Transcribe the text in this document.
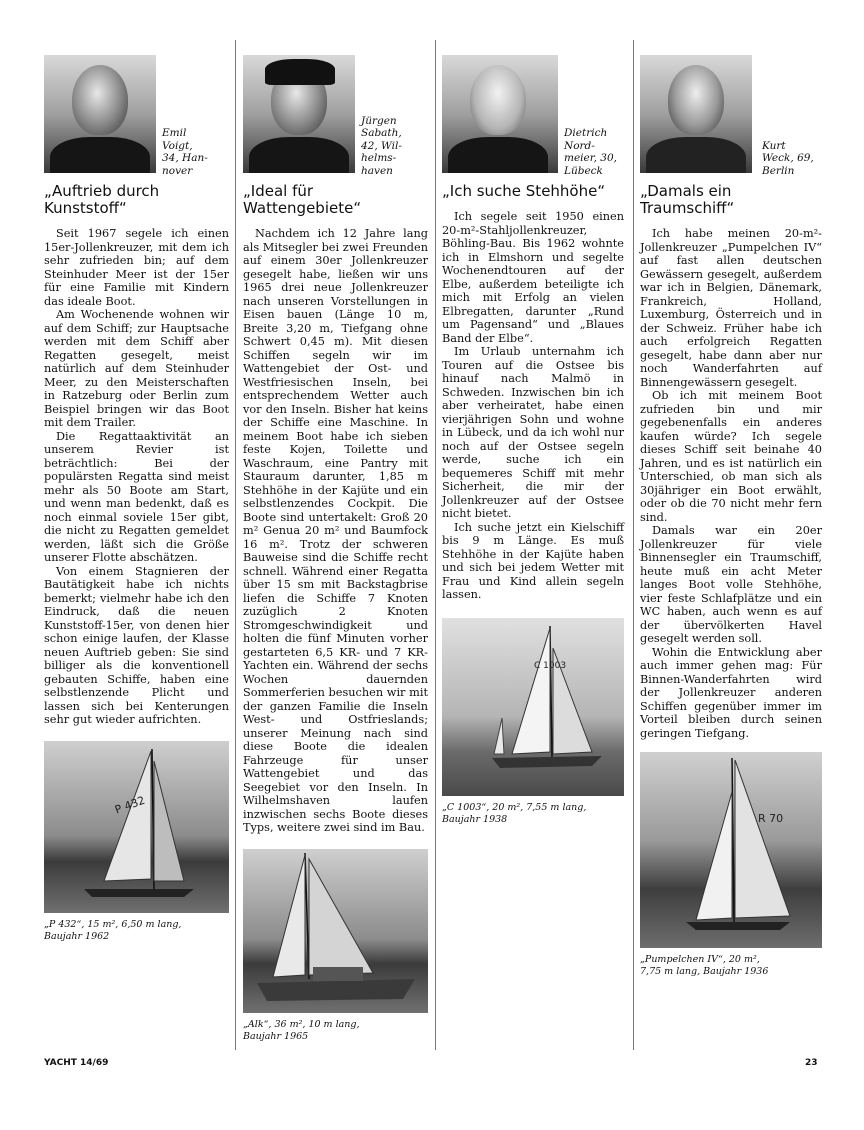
Emil
Voigt,
34, Han-
nover
„Auftrieb durch Kunststoff“

Seit 1967 segele ich einen 15er-Jollenkreuzer, mit dem ich sehr zufrieden bin; auf dem Steinhuder Meer ist der 15er für eine Familie mit Kindern das ideale Boot.

Am Wochenende wohnen wir auf dem Schiff; zur Hauptsache werden mit dem Schiff aber Regatten gesegelt, meist natürlich auf dem Steinhuder Meer, zu den Meisterschaften in Ratzeburg oder Berlin zum Beispiel bringen wir das Boot mit dem Trailer.

Die Regattaaktivität an unserem Revier ist beträchtlich: Bei der populärsten Regatta sind meist mehr als 50 Boote am Start, und wenn man bedenkt, daß es noch einmal soviele 15er gibt, die nicht zu Regatten gemeldet werden, läßt sich die Größe unserer Flotte abschätzen.

Von einem Stagnieren der Bautätigkeit habe ich nichts bemerkt; vielmehr habe ich den Eindruck, daß die neuen Kunststoff-15er, von denen hier schon einige laufen, der Klasse neuen Auftrieb geben: Sie sind billiger als die konventionell gebauten Schiffe, haben eine selbstlenzende Plicht und lassen sich bei Kenterungen sehr gut wieder aufrichten.

P 432
„P 432“, 15 m², 6,50 m lang,
Baujahr 1962
Jürgen
Sabath,
42, Wil-
helms-
haven
„Ideal für Wattengebiete“

Nachdem ich 12 Jahre lang als Mitsegler bei zwei Freunden auf einem 30er Jollenkreuzer gesegelt habe, ließen wir uns 1965 drei neue Jollenkreuzer nach unseren Vorstellungen in Eisen bauen (Länge 10 m, Breite 3,20 m, Tiefgang ohne Schwert 0,45 m). Mit diesen Schiffen segeln wir im Wattengebiet der Ost- und Westfriesischen Inseln, bei entsprechendem Wetter auch vor den Inseln. Bisher hat keins der Schiffe eine Maschine. In meinem Boot habe ich sieben feste Kojen, Toilette und Waschraum, eine Pantry mit Stauraum darunter, 1,85 m Stehhöhe in der Kajüte und ein selbstlenzendes Cockpit. Die Boote sind untertakelt: Groß 20 m² Genua 20 m² und Baumfock 16 m². Trotz der schweren Bauweise sind die Schiffe recht schnell. Während einer Regatta über 15 sm mit Backstagbrise liefen die Schiffe 7 Knoten zuzüglich 2 Knoten Stromgeschwindigkeit und holten die fünf Minuten vorher gestarteten 6,5 KR- und 7 KR-Yachten ein. Während der sechs Wochen dauernden Sommerferien besuchen wir mit der ganzen Familie die Inseln West- und Ostfrieslands; unserer Meinung nach sind diese Boote die idealen Fahrzeuge für unser Wattengebiet und das Seegebiet vor den Inseln. In Wilhelmshaven laufen inzwischen sechs Boote dieses Typs, weitere zwei sind im Bau.

„Alk“, 36 m², 10 m lang,
Baujahr 1965
Dietrich
Nord-
meier, 30,
Lübeck
„Ich suche Stehhöhe“

Ich segele seit 1950 einen 20-m²-Stahljollenkreuzer, Böhling-Bau. Bis 1962 wohnte ich in Elmshorn und segelte Wochenendtouren auf der Elbe, außerdem beteiligte ich mich mit Erfolg an vielen Elbregatten, darunter „Rund um Pagensand“ und „Blaues Band der Elbe“.

Im Urlaub unternahm ich Touren auf die Ostsee bis hinauf nach Malmö in Schweden. Inzwischen bin ich aber verheiratet, habe einen vierjährigen Sohn und wohne in Lübeck, und da ich wohl nur noch auf der Ostsee segeln werde, suche ich ein bequemeres Schiff mit mehr Sicherheit, die mir der Jollenkreuzer auf der Ostsee nicht bietet.

Ich suche jetzt ein Kielschiff bis 9 m Länge. Es muß Stehhöhe in der Kajüte haben und sich bei jedem Wetter mit Frau und Kind allein segeln lassen.

C 1003
„C 1003“, 20 m², 7,55 m lang,
Baujahr 1938
Kurt
Weck, 69,
Berlin
„Damals ein Traumschiff“

Ich habe meinen 20-m²-Jollenkreuzer „Pumpelchen IV“ auf fast allen deutschen Gewässern gesegelt, außerdem war ich in Belgien, Dänemark, Frankreich, Holland, Luxemburg, Österreich und in der Schweiz. Früher habe ich auch erfolgreich Regatten gesegelt, habe dann aber nur noch Wanderfahrten auf Binnengewässern gesegelt.

Ob ich mit meinem Boot zufrieden bin und mir gegebenenfalls ein anderes kaufen würde? Ich segele dieses Schiff seit beinahe 40 Jahren, und es ist natürlich ein Unterschied, ob man sich als 30jähriger ein Boot erwählt, oder ob die 70 nicht mehr fern sind.

Damals war ein 20er Jollenkreuzer für viele Binnensegler ein Traumschiff, heute muß ein acht Meter langes Boot volle Stehhöhe, vier feste Schlafplätze und ein WC haben, auch wenn es auf der übervölkerten Havel gesegelt werden soll.

Wohin die Entwicklung aber auch immer gehen mag: Für Binnen-Wanderfahrten wird der Jollenkreuzer anderen Schiffen gegenüber immer im Vorteil bleiben durch seinen geringen Tiefgang.

R 70
„Pumpelchen IV“, 20 m²,
7,75 m lang, Baujahr 1936
YACHT 14/69	23
